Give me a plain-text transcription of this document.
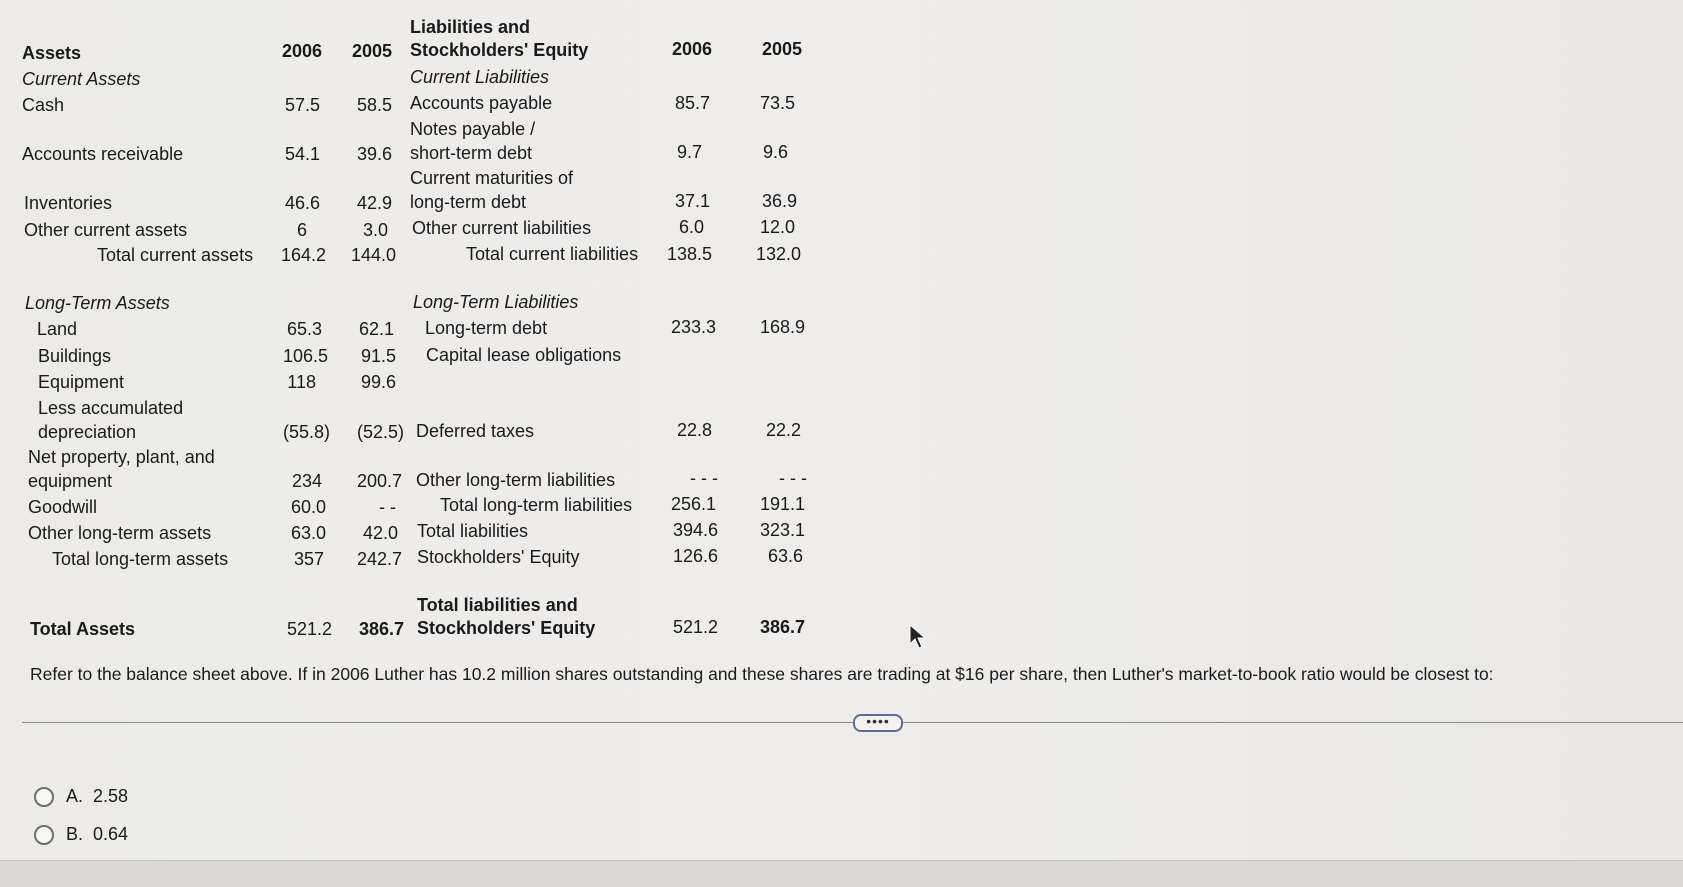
Assets	2006	2005
Liabilities and
Stockholders' Equity	2006	2005
Current Assets	Current Liabilities
Cash	57.5	58.5 Accounts payable	85.7	73.5
Notes payable /
Accounts receivable	54.1	39.6 short-term debt	9.7	9.6
Current maturities of
Inventories	46.6	42.9 long-term debt	37.1	36.9
Other current assets	6	3.0 Other current liabilities	6.0	12.0
Total current assets	164.2	144.0	Total current liabilities	138.5	132.0
Long-Term Assets	Long-Term Liabilities
Land	65.3	62.1 Long-term debt	233.3	168.9
Buildings	106.5	91.5 Capital lease obligations
Equipment	118	99.6
Less accumulated
depreciation	(55.8)	(52.5) Deferred taxes	22.8	22.2
Net property, plant, and
equipment	234	200.7 Other long-term liabilities	- - -	- - -
Goodwill	60.0	- - Total long-term liabilities	256.1	191.1
Other long-term assets	63.0	42.0 Total liabilities	394.6	323.1
Total long-term assets	357	242.7 Stockholders' Equity	126.6	63.6
Total liabilities and
Total Assets	521.2	386.7 Stockholders' Equity	521.2	386.7
Refer to the balance sheet above. If in 2006 Luther has 10.2 million shares outstanding and these shares are trading at $16 per share, then Luther's market-to-book ratio would be closest to:
••••
A. 2.58
B. 0.64
